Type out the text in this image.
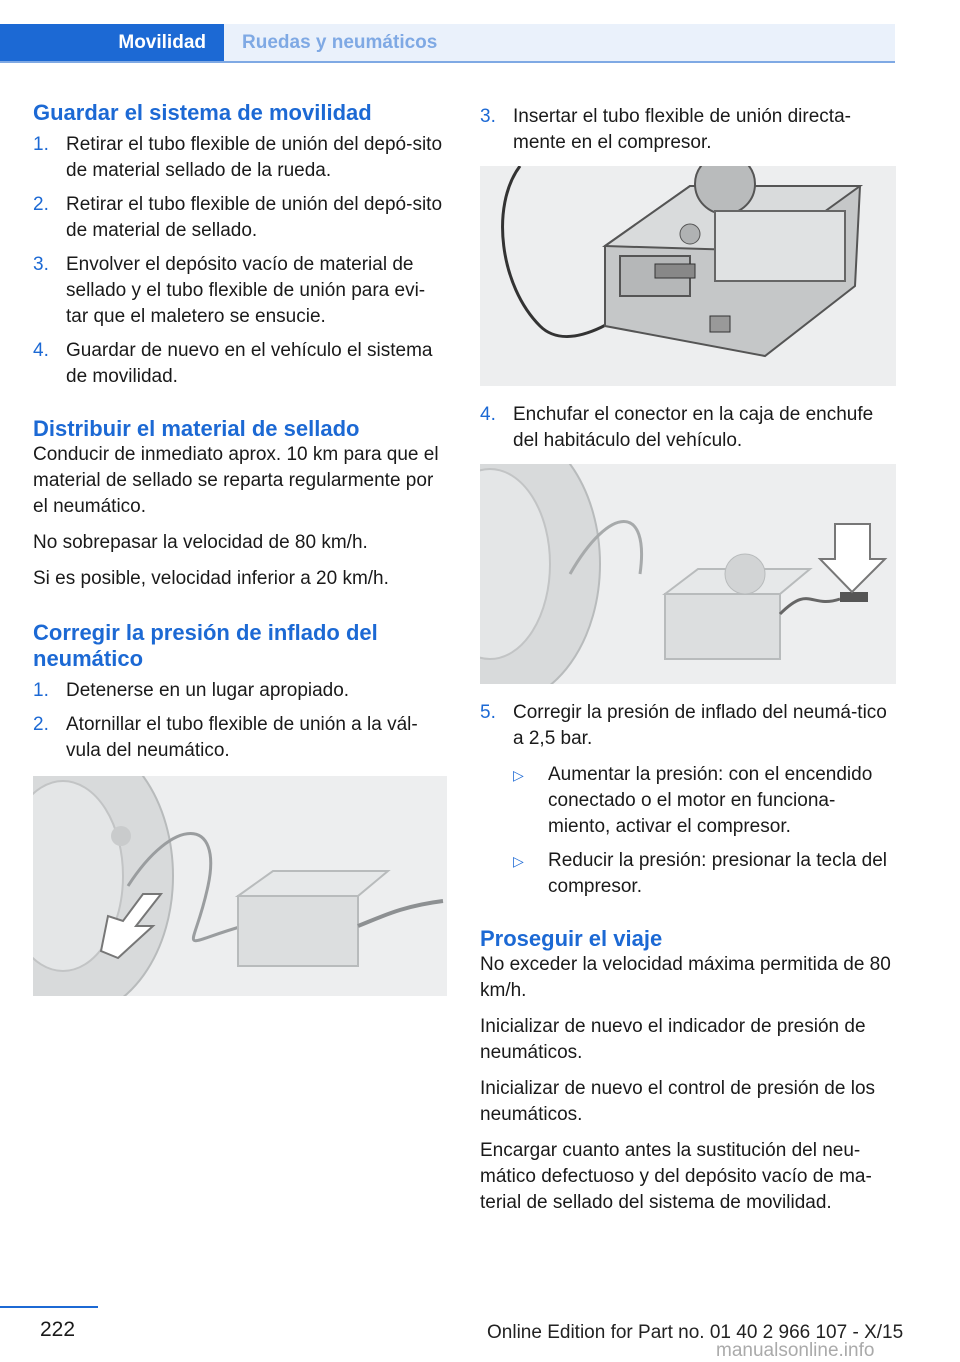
Movilidad	Ruedas y neumáticos
Guardar el sistema de movilidad
1. Retirar el tubo flexible de unión del depó-sito de material sellado de la rueda.
2. Retirar el tubo flexible de unión del depó-sito de material de sellado.
3. Envolver el depósito vacío de material de sellado y el tubo flexible de unión para evi-tar que el maletero se ensucie.
4. Guardar de nuevo en el vehículo el sistema de movilidad.
Distribuir el material de sellado

Conducir de inmediato aprox. 10 km para que el material de sellado se reparta regularmente por el neumático.

No sobrepasar la velocidad de 80 km/h.

Si es posible, velocidad inferior a 20 km/h.

Corregir la presión de inflado del neumático
1. Detenerse en un lugar apropiado.
2. Atornillar el tubo flexible de unión a la vál-vula del neumático.
3. Insertar el tubo flexible de unión directa-mente en el compresor.
4. Enchufar el conector en la caja de enchufe del habitáculo del vehículo.
5. Corregir la presión de inflado del neumá-tico a 2,5 bar.
▷	Aumentar la presión: con el encendido conectado o el motor en funciona-miento, activar el compresor.
▷	Reducir la presión: presionar la tecla del compresor.
Proseguir el viaje

No exceder la velocidad máxima permitida de 80 km/h.

Inicializar de nuevo el indicador de presión de neumáticos.

Inicializar de nuevo el control de presión de los neumáticos.

Encargar cuanto antes la sustitución del neu-mático defectuoso y del depósito vacío de ma-terial de sellado del sistema de movilidad.

222	Online Edition for Part no. 01 40 2 966 107 - X/15
manualsonline.info
